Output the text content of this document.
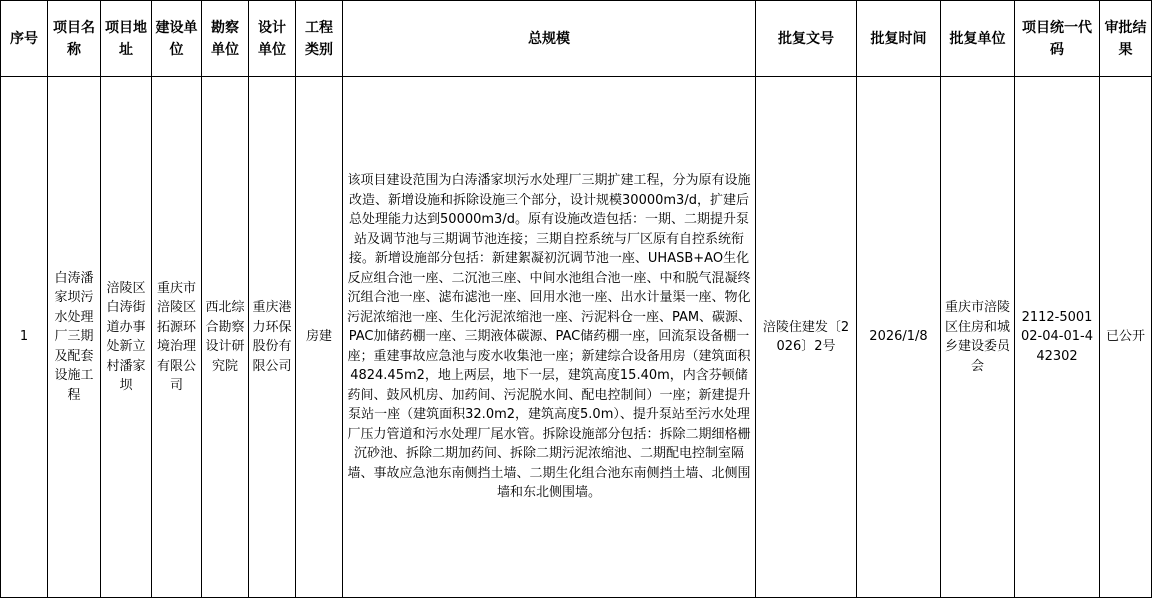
序号	项目名称	项目地址	建设单位	勘察单位	设计单位	工程类别	总规模	批复文号	批复时间	批复单位	项目统一代码	审批结果
1	白涛潘家坝污水处理厂三期及配套设施工程	涪陵区白涛街道办事处新立村潘家坝	重庆市涪陵区拓源环境治理有限公司	西北综合勘察设计研究院	重庆港力环保股份有限公司	房建	该项目建设范围为白涛潘家坝污水处理厂三期扩建工程，分为原有设施改造、新增设施和拆除设施三个部分，设计规模30000m3/d，扩建后总处理能力达到50000m3/d。原有设施改造包括：一期、二期提升泵站及调节池与三期调节池连接；三期自控系统与厂区原有自控系统衔接。新增设施部分包括：新建絮凝初沉调节池一座、UHASB+AO生化反应组合池一座、二沉池三座、中间水池组合池一座、中和脱气混凝终沉组合池一座、滤布滤池一座、回用水池一座、出水计量渠一座、物化污泥浓缩池一座、生化污泥浓缩池一座、污泥料仓一座、PAM、碳源、PAC加储药棚一座、三期液体碳源、PAC储药棚一座，回流泵设备棚一座；重建事故应急池与废水收集池一座；新建综合设备用房（建筑面积4824.45m2，地上两层，地下一层，建筑高度15.40m，内含芬顿储药间、鼓风机房、加药间、污泥脱水间、配电控制间）一座；新建提升泵站一座（建筑面积32.0m2，建筑高度5.0m）、提升泵站至污水处理厂压力管道和污水处理厂尾水管。拆除设施部分包括：拆除二期细格栅沉砂池、拆除二期加药间、拆除二期污泥浓缩池、二期配电控制室隔墙、事故应急池东南侧挡土墙、二期生化组合池东南侧挡土墙、北侧围墙和东北侧围墙。	涪陵住建发〔2026〕2号	2026/1/8	重庆市涪陵区住房和城乡建设委员会	2112-500102-04-01-442302	已公开
